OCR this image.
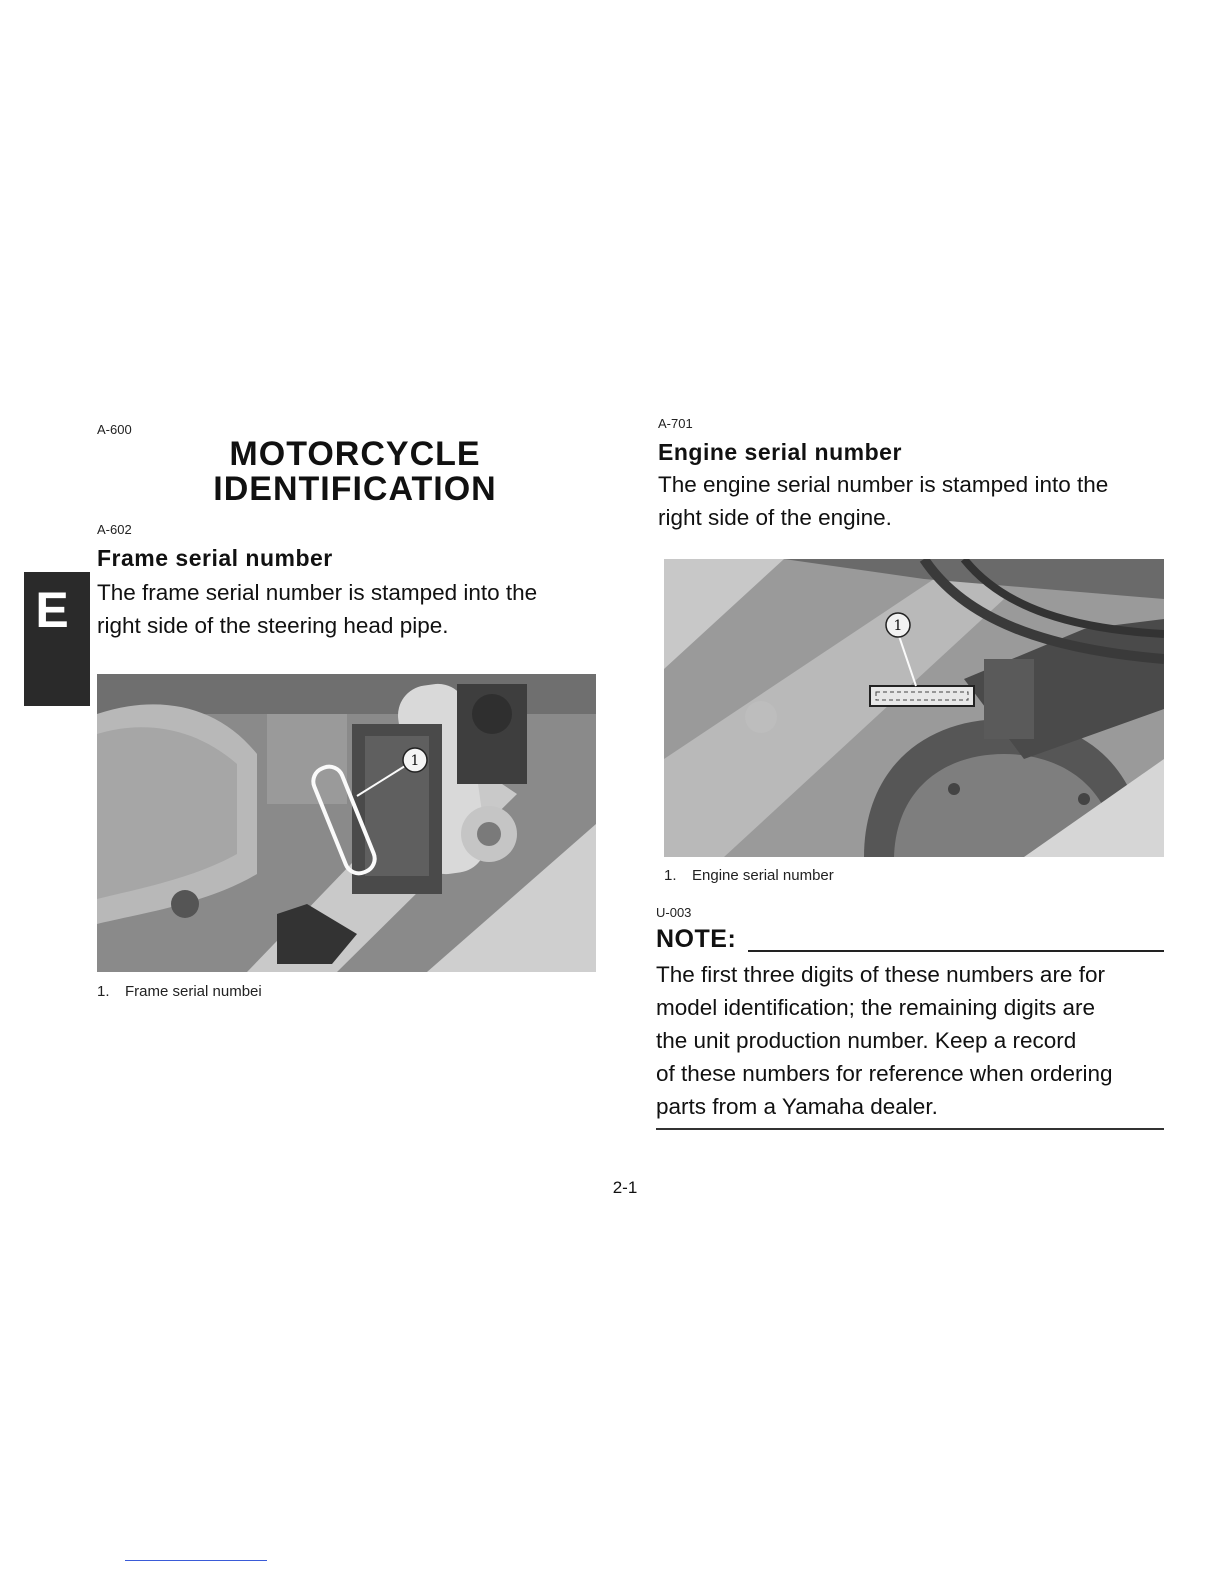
A-600
MOTORCYCLE
IDENTIFICATION
A-602
Frame serial number
The frame serial number is stamped into the
right side of the steering head pipe.
E
1
1. Frame serial numbei
A-701
Engine serial number
The engine serial number is stamped into the
right side of the engine.
1
1. Engine serial number
U-003
NOTE:
The first three digits of these numbers are for
model identification; the remaining digits are
the unit production number. Keep a record
of these numbers for reference when ordering
parts from a Yamaha dealer.
2-1
